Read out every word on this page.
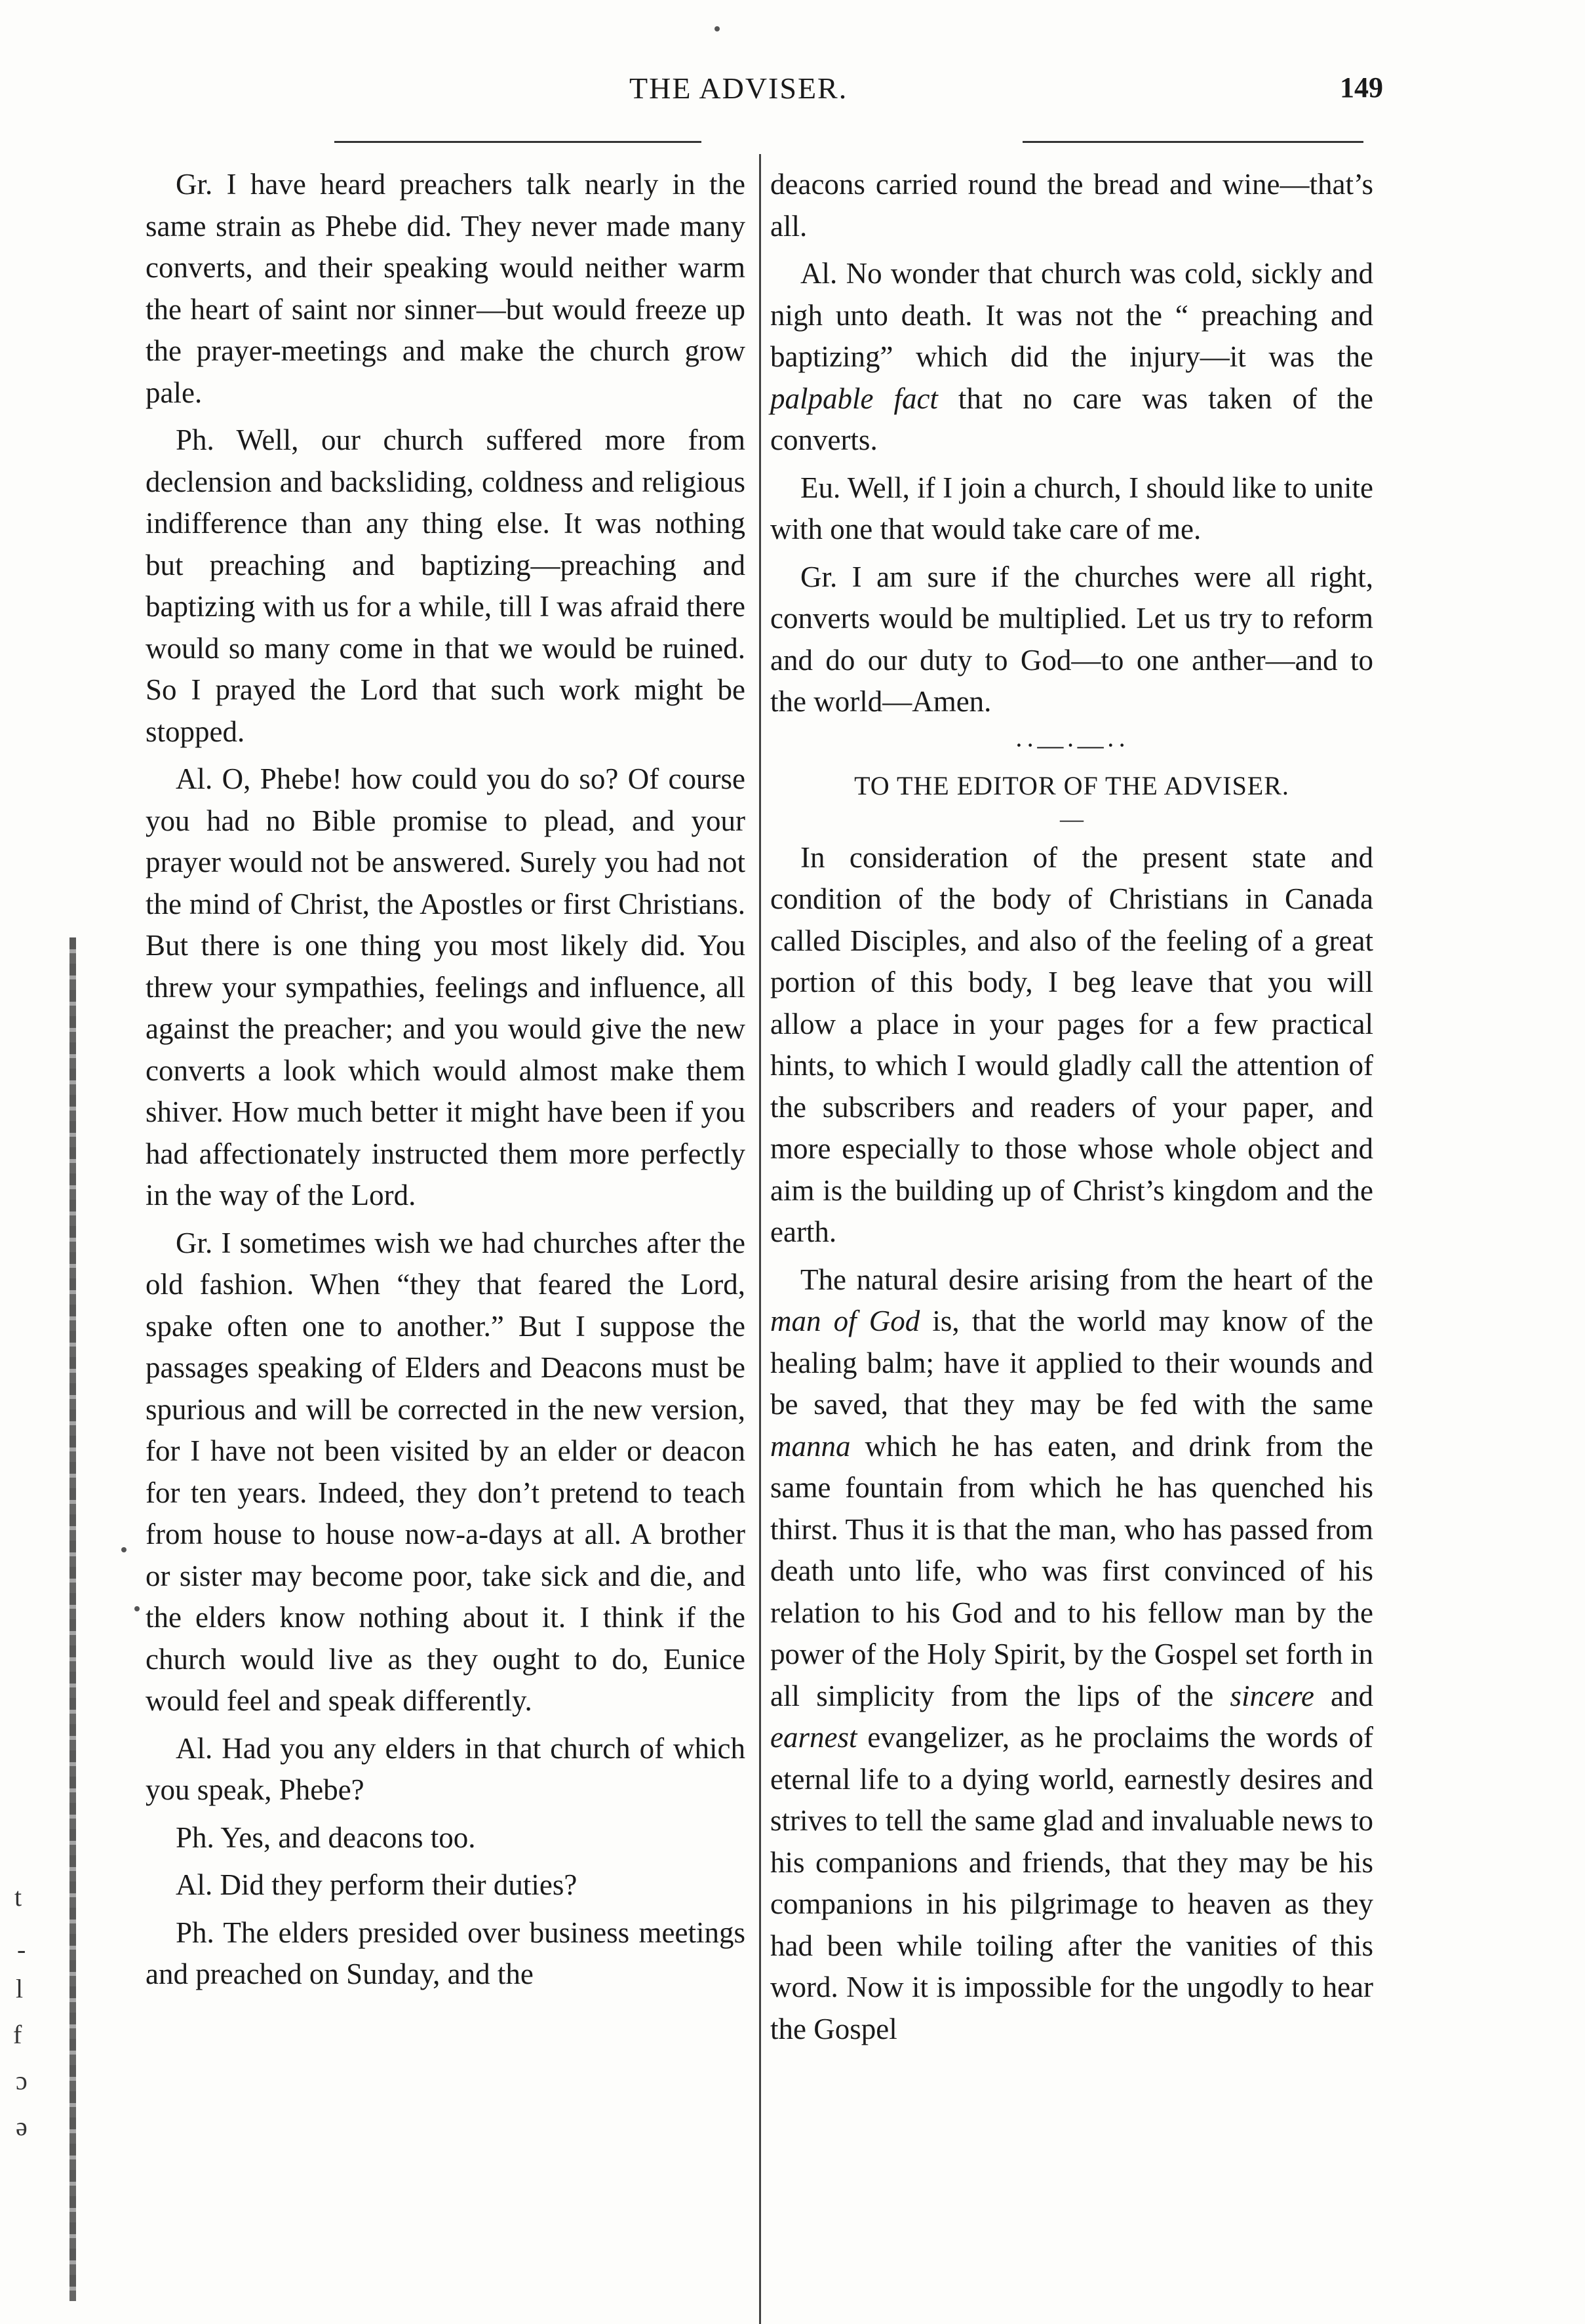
THE ADVISER.	149

Gr. I have heard preachers talk nearly in the same strain as Phebe did. They never made many converts, and their speaking would neither warm the heart of saint nor sinner—but would freeze up the prayer-meetings and make the church grow pale.

Ph. Well, our church suffered more from declension and backsliding, coldness and religious indifference than any thing else. It was nothing but preaching and baptizing—preaching and baptizing with us for a while, till I was afraid there would so many come in that we would be ruined. So I prayed the Lord that such work might be stopped.

Al. O, Phebe! how could you do so? Of course you had no Bible promise to plead, and your prayer would not be answered. Surely you had not the mind of Christ, the Apostles or first Christians. But there is one thing you most likely did. You threw your sympathies, feelings and influence, all against the preacher; and you would give the new converts a look which would almost make them shiver. How much better it might have been if you had affectionately instructed them more perfectly in the way of the Lord.

Gr. I sometimes wish we had churches after the old fashion. When “they that feared the Lord, spake often one to another.” But I suppose the passages speaking of Elders and Deacons must be spurious and will be corrected in the new version, for I have not been visited by an elder or deacon for ten years. Indeed, they don’t pretend to teach from house to house now-a-days at all. A brother or sister may become poor, take sick and die, and the elders know nothing about it. I think if the church would live as they ought to do, Eunice would feel and speak differently.

Al. Had you any elders in that church of which you speak, Phebe?

Ph. Yes, and deacons too.

Al. Did they perform their duties?

Ph. The elders presided over business meetings and preached on Sunday, and the

deacons carried round the bread and wine—that’s all.

Al. No wonder that church was cold, sickly and nigh unto death. It was not the “ preaching and baptizing” which did the injury—it was the palpable fact that no care was taken of the converts.

Eu. Well, if I join a church, I should like to unite with one that would take care of me.

Gr. I am sure if the churches were all right, converts would be multiplied. Let us try to reform and do our duty to God—to one anther—and to the world—Amen.

··—·—··
TO THE EDITOR OF THE ADVISER.
—

In consideration of the present state and condition of the body of Christians in Canada called Disciples, and also of the feeling of a great portion of this body, I beg leave that you will allow a place in your pages for a few practical hints, to which I would gladly call the attention of the subscribers and readers of your paper, and more especially to those whose whole object and aim is the building up of Christ’s kingdom and the earth.

The natural desire arising from the heart of the man of God is, that the world may know of the healing balm; have it applied to their wounds and be saved, that they may be fed with the same manna which he has eaten, and drink from the same fountain from which he has quenched his thirst. Thus it is that the man, who has passed from death unto life, who was first convinced of his relation to his God and to his fellow man by the power of the Holy Spirit, by the Gospel set forth in all simplicity from the lips of the sincere and earnest evangelizer, as he proclaims the words of eternal life to a dying world, earnestly desires and strives to tell the same glad and invaluable news to his companions and friends, that they may be his companions in his pilgrimage to heaven as they had been while toiling after the vanities of this word. Now it is impossible for the ungodly to hear the Gospel

t
-
l
f
ɔ
ə
